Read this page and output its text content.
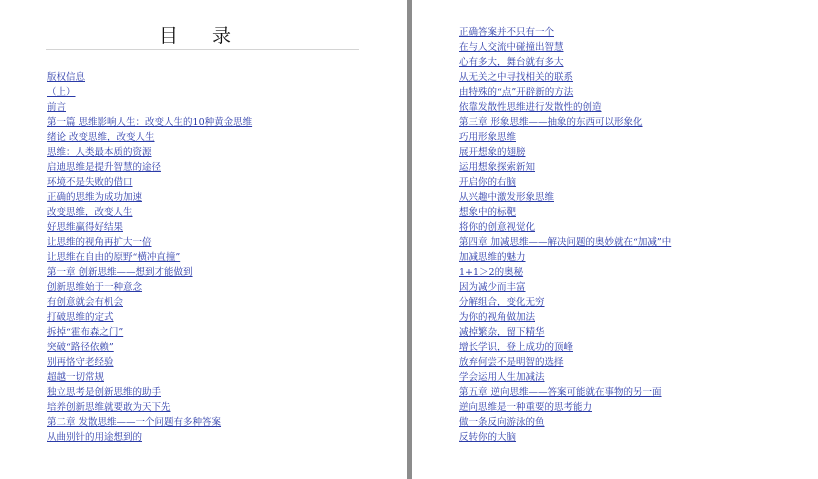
目 录
版权信息
（上）
前言
第一篇 思维影响人生：改变人生的10种黄金思维
绪论 改变思维，改变人生
思维：人类最本质的资源
启迪思维是提升智慧的途径
环境不是失败的借口
正确的思维为成功加速
改变思维，改变人生
好思维赢得好结果
让思维的视角再扩大一倍
让思维在自由的原野“横冲直撞”
第一章 创新思维——想到才能做到
创新思维始于一种意念
有创意就会有机会
打破思维的定式
拆掉“霍布森之门”
突破“路径依赖”
别再恪守老经验
超越一切常规
独立思考是创新思维的助手
培养创新思维就要敢为天下先
第二章 发散思维——一个问题有多种答案
从曲别针的用途想到的
正确答案并不只有一个
在与人交流中碰撞出智慧
心有多大，舞台就有多大
从无关之中寻找相关的联系
由特殊的“点”开辟新的方法
依靠发散性思维进行发散性的创造
第三章 形象思维——抽象的东西可以形象化
巧用形象思维
展开想象的翅膀
运用想象探索新知
开启你的右脑
从兴趣中激发形象思维
想象中的标靶
将你的创意视觉化
第四章 加减思维——解决问题的奥妙就在“加减”中
加减思维的魅力
1+1＞2的奥秘
因为减少而丰富
分解组合，变化无穷
为你的视角做加法
减掉繁杂，留下精华
增长学识，登上成功的顶峰
放弃何尝不是明智的选择
学会运用人生加减法
第五章 逆向思维——答案可能就在事物的另一面
逆向思维是一种重要的思考能力
做一条反向游泳的鱼
反转你的大脑
